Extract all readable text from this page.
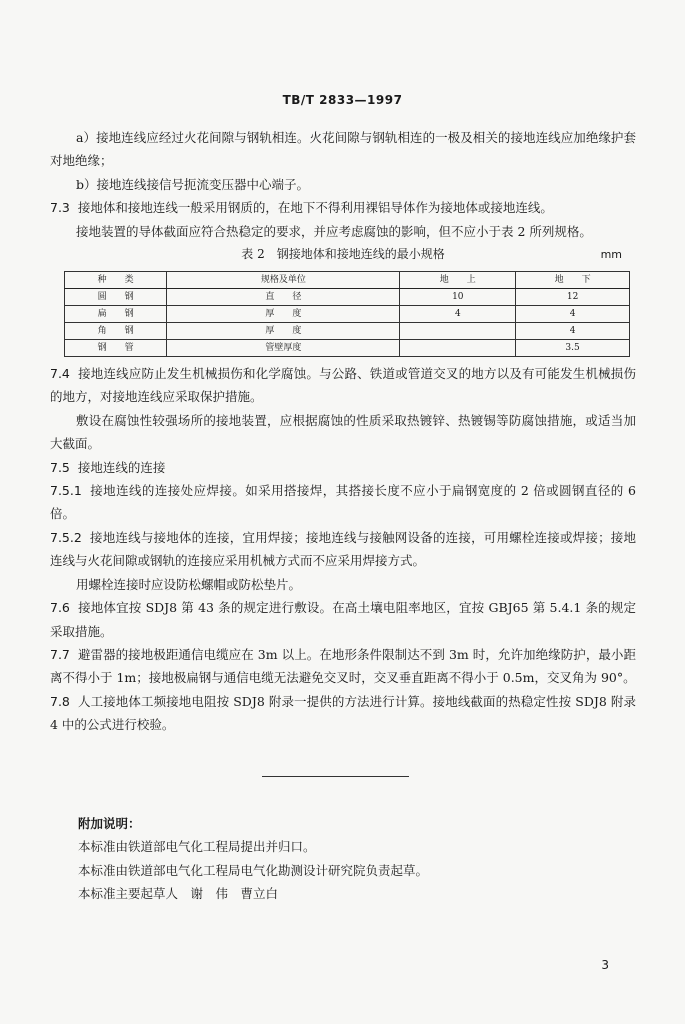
TB/T 2833—1997

a）接地连线应经过火花间隙与钢轨相连。火花间隙与钢轨相连的一极及相关的接地连线应加绝缘护套对地绝缘；

b）接地连线接信号扼流变压器中心端子。

7.3 接地体和接地连线一般采用钢质的，在地下不得利用裸铝导体作为接地体或接地连线。

接地装置的导体截面应符合热稳定的要求，并应考虑腐蚀的影响，但不应小于表 2 所列规格。

表 2　钢接地体和接地连线的最小规格	mm
种　　类	规格及单位	地　　上	地　　下
圆　　钢	直　　径	10	12
扁　　钢	厚　　度	4	4
角　　钢	厚　　度		4
钢　　管	管壁厚度		3.5

7.4 接地连线应防止发生机械损伤和化学腐蚀。与公路、铁道或管道交叉的地方以及有可能发生机械损伤的地方，对接地连线应采取保护措施。

敷设在腐蚀性较强场所的接地装置，应根据腐蚀的性质采取热镀锌、热镀锡等防腐蚀措施，或适当加大截面。

7.5 接地连线的连接

7.5.1 接地连线的连接处应焊接。如采用搭接焊，其搭接长度不应小于扁钢宽度的 2 倍或圆钢直径的 6 倍。

7.5.2 接地连线与接地体的连接，宜用焊接；接地连线与接触网设备的连接，可用螺栓连接或焊接；接地连线与火花间隙或钢轨的连接应采用机械方式而不应采用焊接方式。

用螺栓连接时应设防松螺帽或防松垫片。

7.6 接地体宜按 SDJ8 第 43 条的规定进行敷设。在高土壤电阻率地区，宜按 GBJ65 第 5.4.1 条的规定采取措施。

7.7 避雷器的接地极距通信电缆应在 3m 以上。在地形条件限制达不到 3m 时，允许加绝缘防护，最小距离不得小于 1m；接地极扁钢与通信电缆无法避免交叉时，交叉垂直距离不得小于 0.5m，交叉角为 90°。

7.8 人工接地体工频接地电阻按 SDJ8 附录一提供的方法进行计算。接地线截面的热稳定性按 SDJ8 附录 4 中的公式进行校验。

附加说明：

本标准由铁道部电气化工程局提出并归口。

本标准由铁道部电气化工程局电气化勘测设计研究院负责起草。

本标准主要起草人　谢　伟　曹立白

3
